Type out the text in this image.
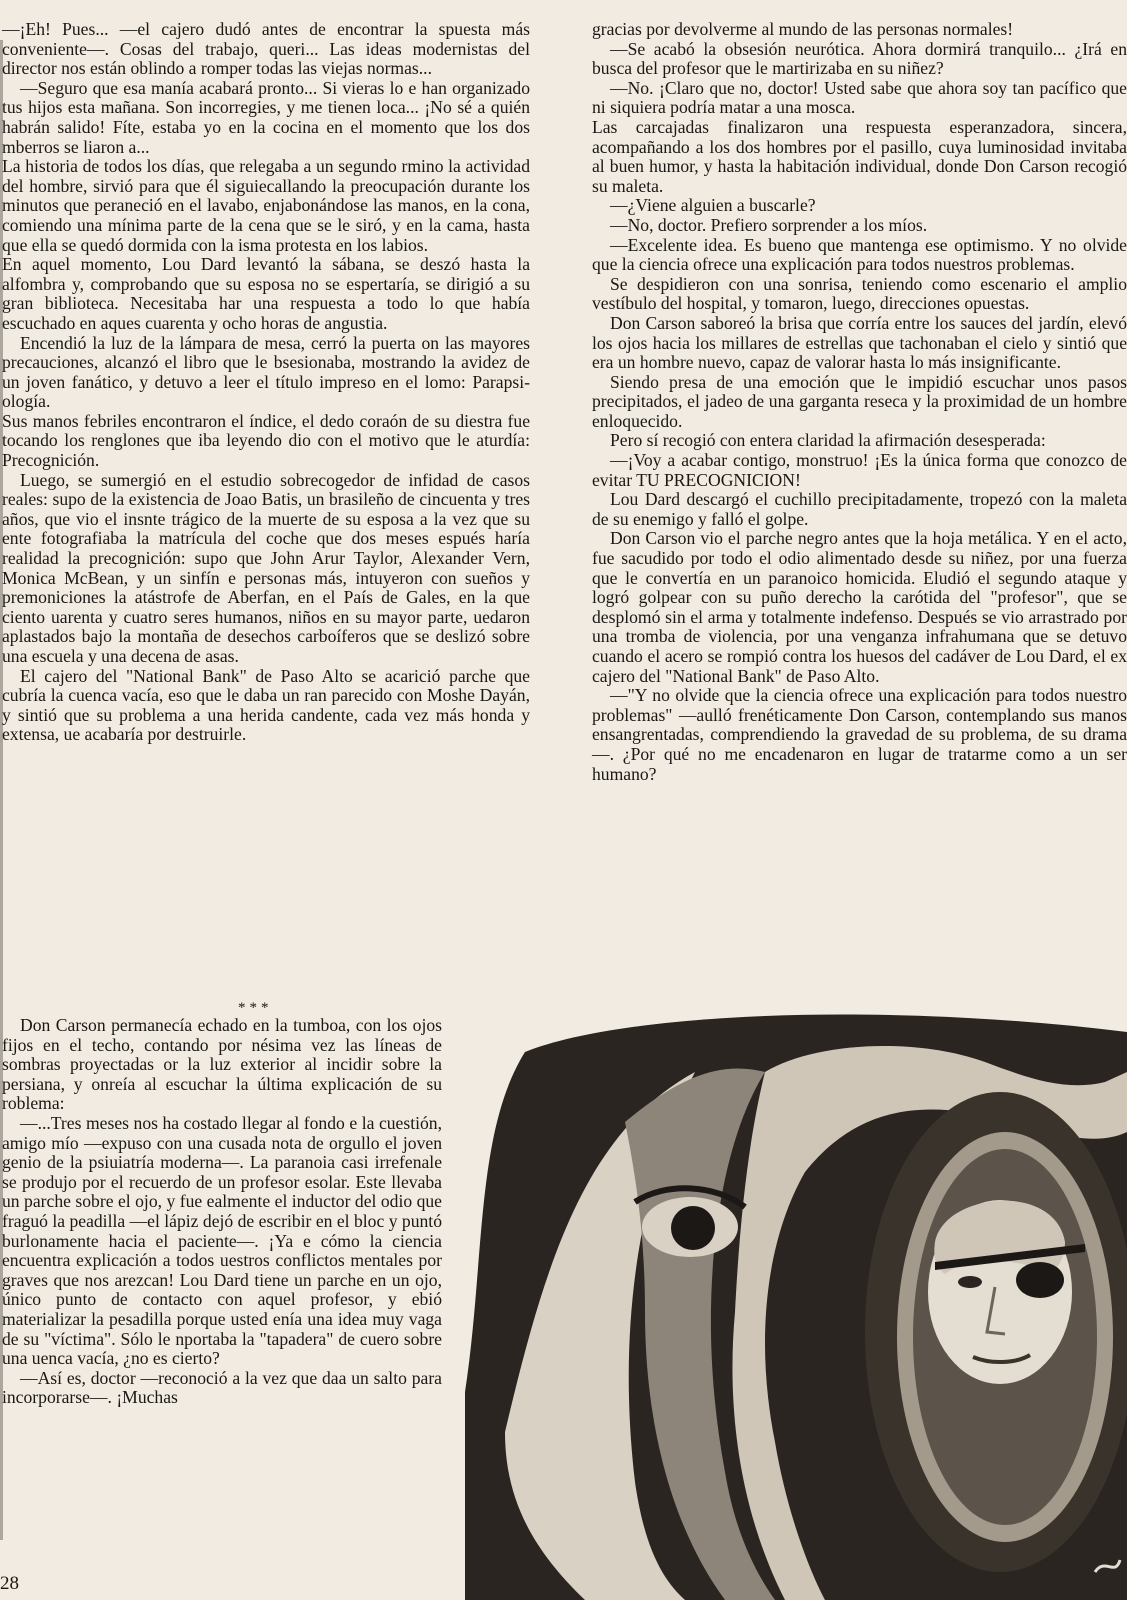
—¡Eh! Pues... —el cajero dudó antes de encontrar la spuesta más conveniente—. Cosas del trabajo, queri... Las ideas modernistas del director nos están oblindo a romper todas las viejas normas...

—Seguro que esa manía acabará pronto... Si vieras lo e han organizado tus hijos esta mañana. Son incorregies, y me tienen loca... ¡No sé a quién habrán salido! Fíte, estaba yo en la cocina en el momento que los dos mberros se liaron a...

La historia de todos los días, que relegaba a un segundo rmino la actividad del hombre, sirvió para que él siguiecallando la preocupación durante los minutos que peraneció en el lavabo, enjabonándose las manos, en la cona, comiendo una mínima parte de la cena que se le siró, y en la cama, hasta que ella se quedó dormida con la isma protesta en los labios.

En aquel momento, Lou Dard levantó la sábana, se deszó hasta la alfombra y, comprobando que su esposa no se espertaría, se dirigió a su gran biblioteca. Necesitaba har una respuesta a todo lo que había escuchado en aques cuarenta y ocho horas de angustia.

Encendió la luz de la lámpara de mesa, cerró la puerta on las mayores precauciones, alcanzó el libro que le bsesionaba, mostrando la avidez de un joven fanático, y detuvo a leer el título impreso en el lomo: Parapsiología.

Sus manos febriles encontraron el índice, el dedo coraón de su diestra fue tocando los renglones que iba leyendo dio con el motivo que le aturdía: Precognición.

Luego, se sumergió en el estudio sobrecogedor de infidad de casos reales: supo de la existencia de Joao Batis, un brasileño de cincuenta y tres años, que vio el insnte trágico de la muerte de su esposa a la vez que su ente fotografiaba la matrícula del coche que dos meses espués haría realidad la precognición: supo que John Arur Taylor, Alexander Vern, Monica McBean, y un sinfín e personas más, intuyeron con sueños y premoniciones la atástrofe de Aberfan, en el País de Gales, en la que ciento uarenta y cuatro seres humanos, niños en su mayor parte, uedaron aplastados bajo la montaña de desechos carboíferos que se deslizó sobre una escuela y una decena de asas.

El cajero del "National Bank" de Paso Alto se acarició parche que cubría la cuenca vacía, eso que le daba un ran parecido con Moshe Dayán, y sintió que su problema a una herida candente, cada vez más honda y extensa, ue acabaría por destruirle.

***

Don Carson permanecía echado en la tumboa, con los ojos fijos en el techo, contando por nésima vez las líneas de sombras proyectadas or la luz exterior al incidir sobre la persiana, y onreía al escuchar la última explicación de su roblema:

—...Tres meses nos ha costado llegar al fondo e la cuestión, amigo mío —expuso con una cusada nota de orgullo el joven genio de la psiuiatría moderna—. La paranoia casi irrefenale se produjo por el recuerdo de un profesor esolar. Este llevaba un parche sobre el ojo, y fue ealmente el inductor del odio que fraguó la peadilla —el lápiz dejó de escribir en el bloc y puntó burlonamente hacia el paciente—. ¡Ya e cómo la ciencia encuentra explicación a todos uestros conflictos mentales por graves que nos arezcan! Lou Dard tiene un parche en un ojo, único punto de contacto con aquel profesor, y ebió materializar la pesadilla porque usted enía una idea muy vaga de su "víctima". Sólo le nportaba la "tapadera" de cuero sobre una uenca vacía, ¿no es cierto?

—Así es, doctor —reconoció a la vez que daa un salto para incorporarse—. ¡Muchas

gracias por devolverme al mundo de las personas normales!

—Se acabó la obsesión neurótica. Ahora dormirá tranquilo... ¿Irá en busca del profesor que le martirizaba en su niñez?

—No. ¡Claro que no, doctor! Usted sabe que ahora soy tan pacífico que ni siquiera podría matar a una mosca.

Las carcajadas finalizaron una respuesta esperanzadora, sincera, acompañando a los dos hombres por el pasillo, cuya luminosidad invitaba al buen humor, y hasta la habitación individual, donde Don Carson recogió su maleta.

—¿Viene alguien a buscarle?

—No, doctor. Prefiero sorprender a los míos.

—Excelente idea. Es bueno que mantenga ese optimismo. Y no olvide que la ciencia ofrece una explicación para todos nuestros problemas.

Se despidieron con una sonrisa, teniendo como escenario el amplio vestíbulo del hospital, y tomaron, luego, direcciones opuestas.

Don Carson saboreó la brisa que corría entre los sauces del jardín, elevó los ojos hacia los millares de estrellas que tachonaban el cielo y sintió que era un hombre nuevo, capaz de valorar hasta lo más insignificante.

Siendo presa de una emoción que le impidió escuchar unos pasos precipitados, el jadeo de una garganta reseca y la proximidad de un hombre enloquecido.

Pero sí recogió con entera claridad la afirmación desesperada:

—¡Voy a acabar contigo, monstruo! ¡Es la única forma que conozco de evitar TU PRECOGNICION!

Lou Dard descargó el cuchillo precipitadamente, tropezó con la maleta de su enemigo y falló el golpe.

Don Carson vio el parche negro antes que la hoja metálica. Y en el acto, fue sacudido por todo el odio alimentado desde su niñez, por una fuerza que le convertía en un paranoico homicida. Eludió el segundo ataque y logró golpear con su puño derecho la carótida del "profesor", que se desplomó sin el arma y totalmente indefenso. Después se vio arrastrado por una tromba de violencia, por una venganza infrahumana que se detuvo cuando el acero se rompió contra los huesos del cadáver de Lou Dard, el ex cajero del "National Bank" de Paso Alto.

—"Y no olvide que la ciencia ofrece una explicación para todos nuestro problemas" —aulló frenéticamente Don Carson, contemplando sus manos ensangrentadas, comprendiendo la gravedad de su problema, de su drama—. ¿Por qué no me encadenaron en lugar de tratarme como a un ser humano?

28
